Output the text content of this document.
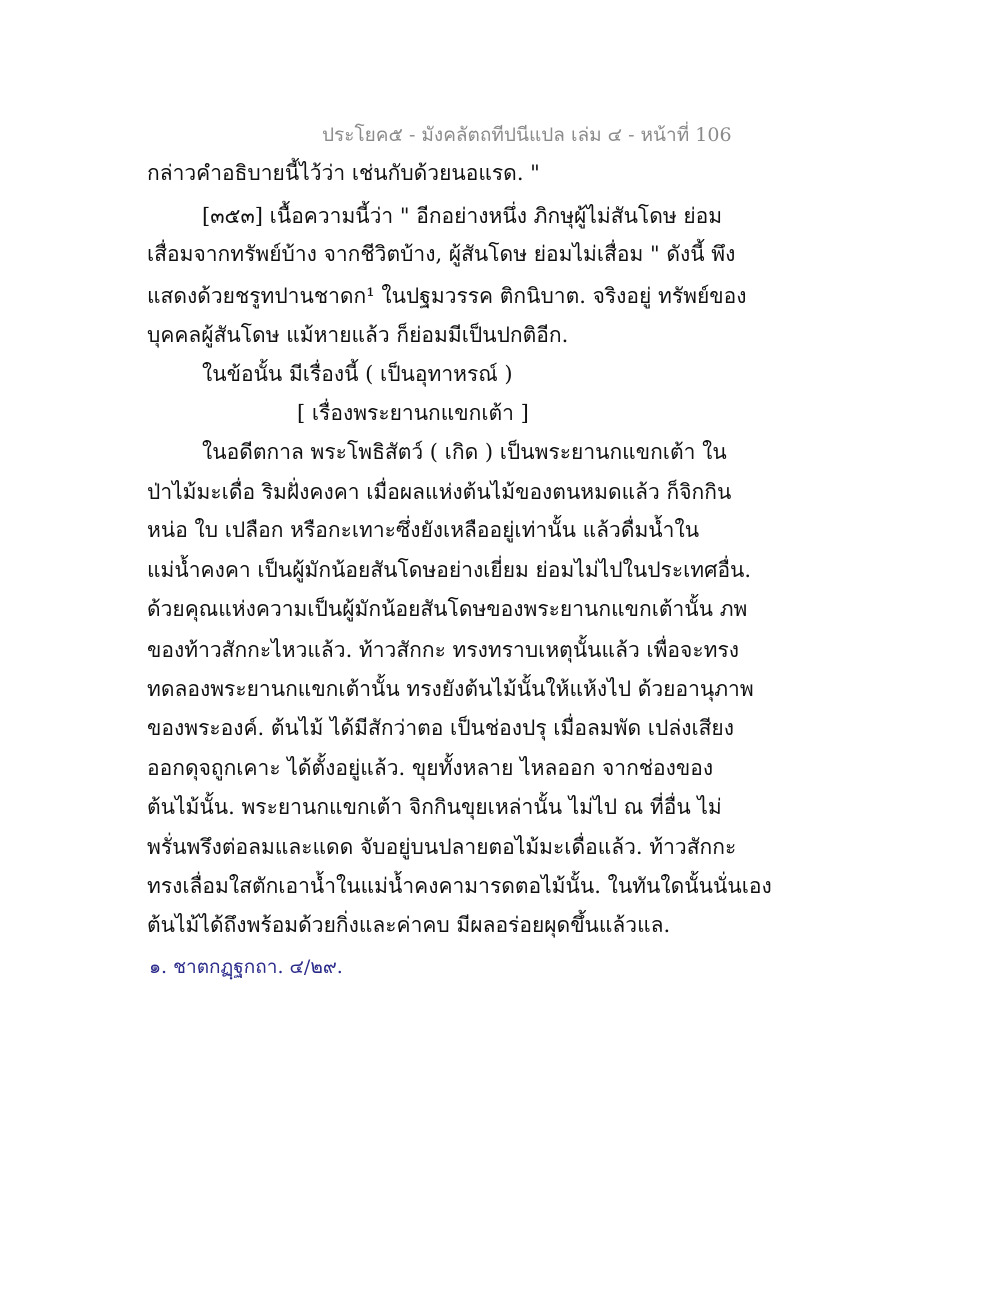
ประโยค๕ - มังคลัตถทีปนีแปล เล่ม ๔ - หน้าที่ 106
กล่าวคำอธิบายนี้ไว้ว่า เช่นกับด้วยนอแรด. "
[๓๕๓] เนื้อความนี้ว่า " อีกอย่างหนึ่ง ภิกษุผู้ไม่สันโดษ ย่อม
เสื่อมจากทรัพย์บ้าง จากชีวิตบ้าง, ผู้สันโดษ ย่อมไม่เสื่อม " ดังนี้ พึง
แสดงด้วยชรูทปานชาดก¹ ในปฐมวรรค ติกนิบาต. จริงอยู่ ทรัพย์ของ
บุคคลผู้สันโดษ แม้หายแล้ว ก็ย่อมมีเป็นปกติอีก.
ในข้อนั้น มีเรื่องนี้ ( เป็นอุทาหรณ์ )
[ เรื่องพระยานกแขกเต้า ]
ในอดีตกาล พระโพธิสัตว์ ( เกิด ) เป็นพระยานกแขกเต้า ใน
ป่าไม้มะเดื่อ ริมฝั่งคงคา เมื่อผลแห่งต้นไม้ของตนหมดแล้ว ก็จิกกิน
หน่อ ใบ เปลือก หรือกะเทาะซึ่งยังเหลืออยู่เท่านั้น แล้วดื่มน้ำใน
แม่น้ำคงคา เป็นผู้มักน้อยสันโดษอย่างเยี่ยม ย่อมไม่ไปในประเทศอื่น.
ด้วยคุณแห่งความเป็นผู้มักน้อยสันโดษของพระยานกแขกเต้านั้น ภพ
ของท้าวสักกะไหวแล้ว. ท้าวสักกะ ทรงทราบเหตุนั้นแล้ว เพื่อจะทรง
ทดลองพระยานกแขกเต้านั้น ทรงยังต้นไม้นั้นให้แห้งไป ด้วยอานุภาพ
ของพระองค์. ต้นไม้ ได้มีสักว่าตอ เป็นช่องปรุ เมื่อลมพัด เปล่งเสียง
ออกดุจถูกเคาะ ได้ตั้งอยู่แล้ว. ขุยทั้งหลาย ไหลออก จากช่องของ
ต้นไม้นั้น. พระยานกแขกเต้า จิกกินขุยเหล่านั้น ไม่ไป ณ ที่อื่น ไม่
พรั่นพรึงต่อลมและแดด จับอยู่บนปลายตอไม้มะเดื่อแล้ว. ท้าวสักกะ
ทรงเลื่อมใสตักเอาน้ำในแม่น้ำคงคามารดตอไม้นั้น. ในทันใดนั้นนั่นเอง
ต้นไม้ได้ถึงพร้อมด้วยกิ่งและค่าคบ มีผลอร่อยผุดขึ้นแล้วแล.
๑. ชาตกฏฺฐกถา. ๔/๒๙.
